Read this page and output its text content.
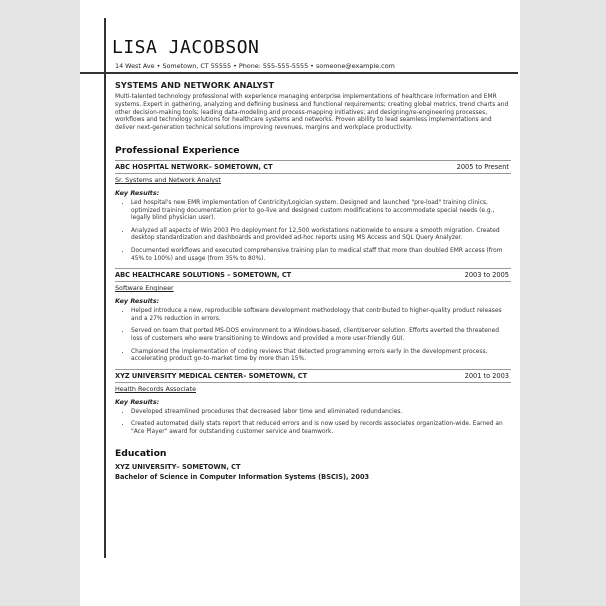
LISA JACOBSON
14 West Ave • Sometown, CT 55555 • Phone: 555-555-5555 • someone@example.com
SYSTEMS AND NETWORK ANALYST

Multi-talented technology professional with experience managing enterprise implementations of healthcare information and EMR systems. Expert in gathering, analyzing and defining business and functional requirements; creating global metrics, trend charts and other decision-making tools; leading data-modeling and process-mapping initiatives; and designing/re-engineering processes, workflows and technology solutions for healthcare systems and networks. Proven ability to lead seamless implementations and deliver next-generation technical solutions improving revenues, margins and workplace productivity.

Professional Experience
ABC HOSPITAL NETWORK– SOMETOWN, CT	2005 to Present
Sr. Systems and Network Analyst
Key Results:
• Led hospital's new EMR implementation of Centricity/Logician system. Designed and launched "pre-load" training clinics, optimized training documentation prior to go-live and designed custom modifications to accommodate special needs (e.g., legally blind physician user).
• Analyzed all aspects of Win 2003 Pro deployment for 12,500 workstations nationwide to ensure a smooth migration. Created desktop standardization and dashboards and provided ad-hoc reports using MS Access and SQL Query Analyzer.
• Documented workflows and executed comprehensive training plan to medical staff that more than doubled EMR access (from 45% to 100%) and usage (from 35% to 80%).
ABC HEALTHCARE SOLUTIONS – SOMETOWN, CT	2003 to 2005
Software Engineer
Key Results:
• Helped introduce a new, reproducible software development methodology that contributed to higher-quality product releases and a 27% reduction in errors.
• Served on team that ported MS-DOS environment to a Windows-based, client/server solution. Efforts averted the threatened loss of customers who were transitioning to Windows and provided a more user-friendly GUI.
• Championed the implementation of coding reviews that detected programming errors early in the development process, accelerating product go-to-market time by more than 15%.
XYZ UNIVERSITY MEDICAL CENTER– SOMETOWN, CT	2001 to 2003
Health Records Associate
Key Results:
• Developed streamlined procedures that decreased labor time and eliminated redundancies.
• Created automated daily stats report that reduced errors and is now used by records associates organization-wide. Earned an "Ace Player" award for outstanding customer service and teamwork.
Education
XYZ UNIVERSITY– SOMETOWN, CT
Bachelor of Science in Computer Information Systems (BSCIS), 2003
